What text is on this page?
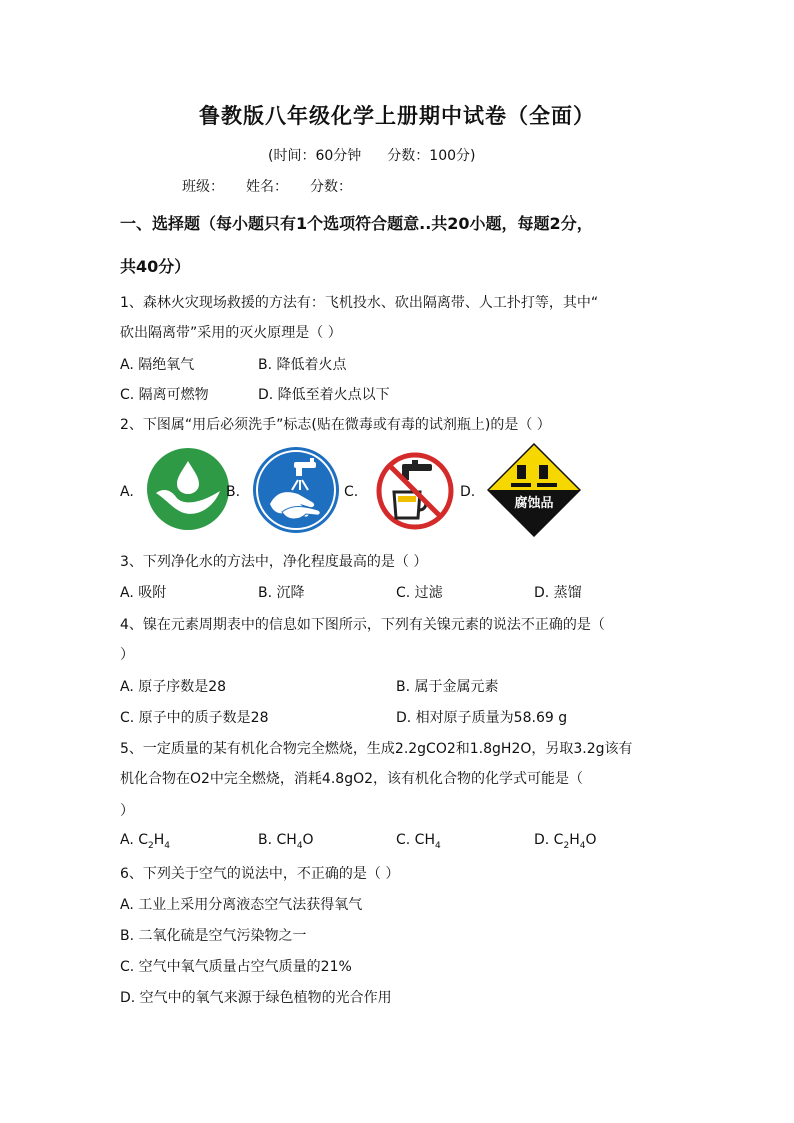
鲁教版八年级化学上册期中试卷（全面）
(时间：60分钟 分数：100分)
班级： 姓名： 分数：
一、选择题（每小题只有1个选项符合题意..共20小题，每题2分，
共40分）
1、森林火灾现场救援的方法有：飞机投水、砍出隔离带、人工扑打等，其中“
砍出隔离带”采用的灭火原理是（ ）
A. 隔绝氧气	B. 降低着火点
C. 隔离可燃物	D. 降低至着火点以下
2、下图属“用后必须洗手”标志(贴在微毒或有毒的试剂瓶上)的是（ ）
A.	B.	C.	D.
腐蚀品
3、下列净化水的方法中，净化程度最高的是（ ）
A. 吸附	B. 沉降	C. 过滤	D. 蒸馏
4、镍在元素周期表中的信息如下图所示，下列有关镍元素的说法不正确的是（
）
A. 原子序数是28	B. 属于金属元素
C. 原子中的质子数是28	D. 相对原子质量为58.69 g
5、一定质量的某有机化合物完全燃烧，生成2.2gCO2和1.8gH2O，另取3.2g该有
机化合物在O2中完全燃烧，消耗4.8gO2，该有机化合物的化学式可能是（
）
A. $C_2H_4$	B. $CH_4O$	C. $CH_4$	D. $C_2H_4O$
6、下列关于空气的说法中，不正确的是（ ）
A. 工业上采用分离液态空气法获得氧气
B. 二氧化硫是空气污染物之一
C. 空气中氧气质量占空气质量的21%
D. 空气中的氧气来源于绿色植物的光合作用
